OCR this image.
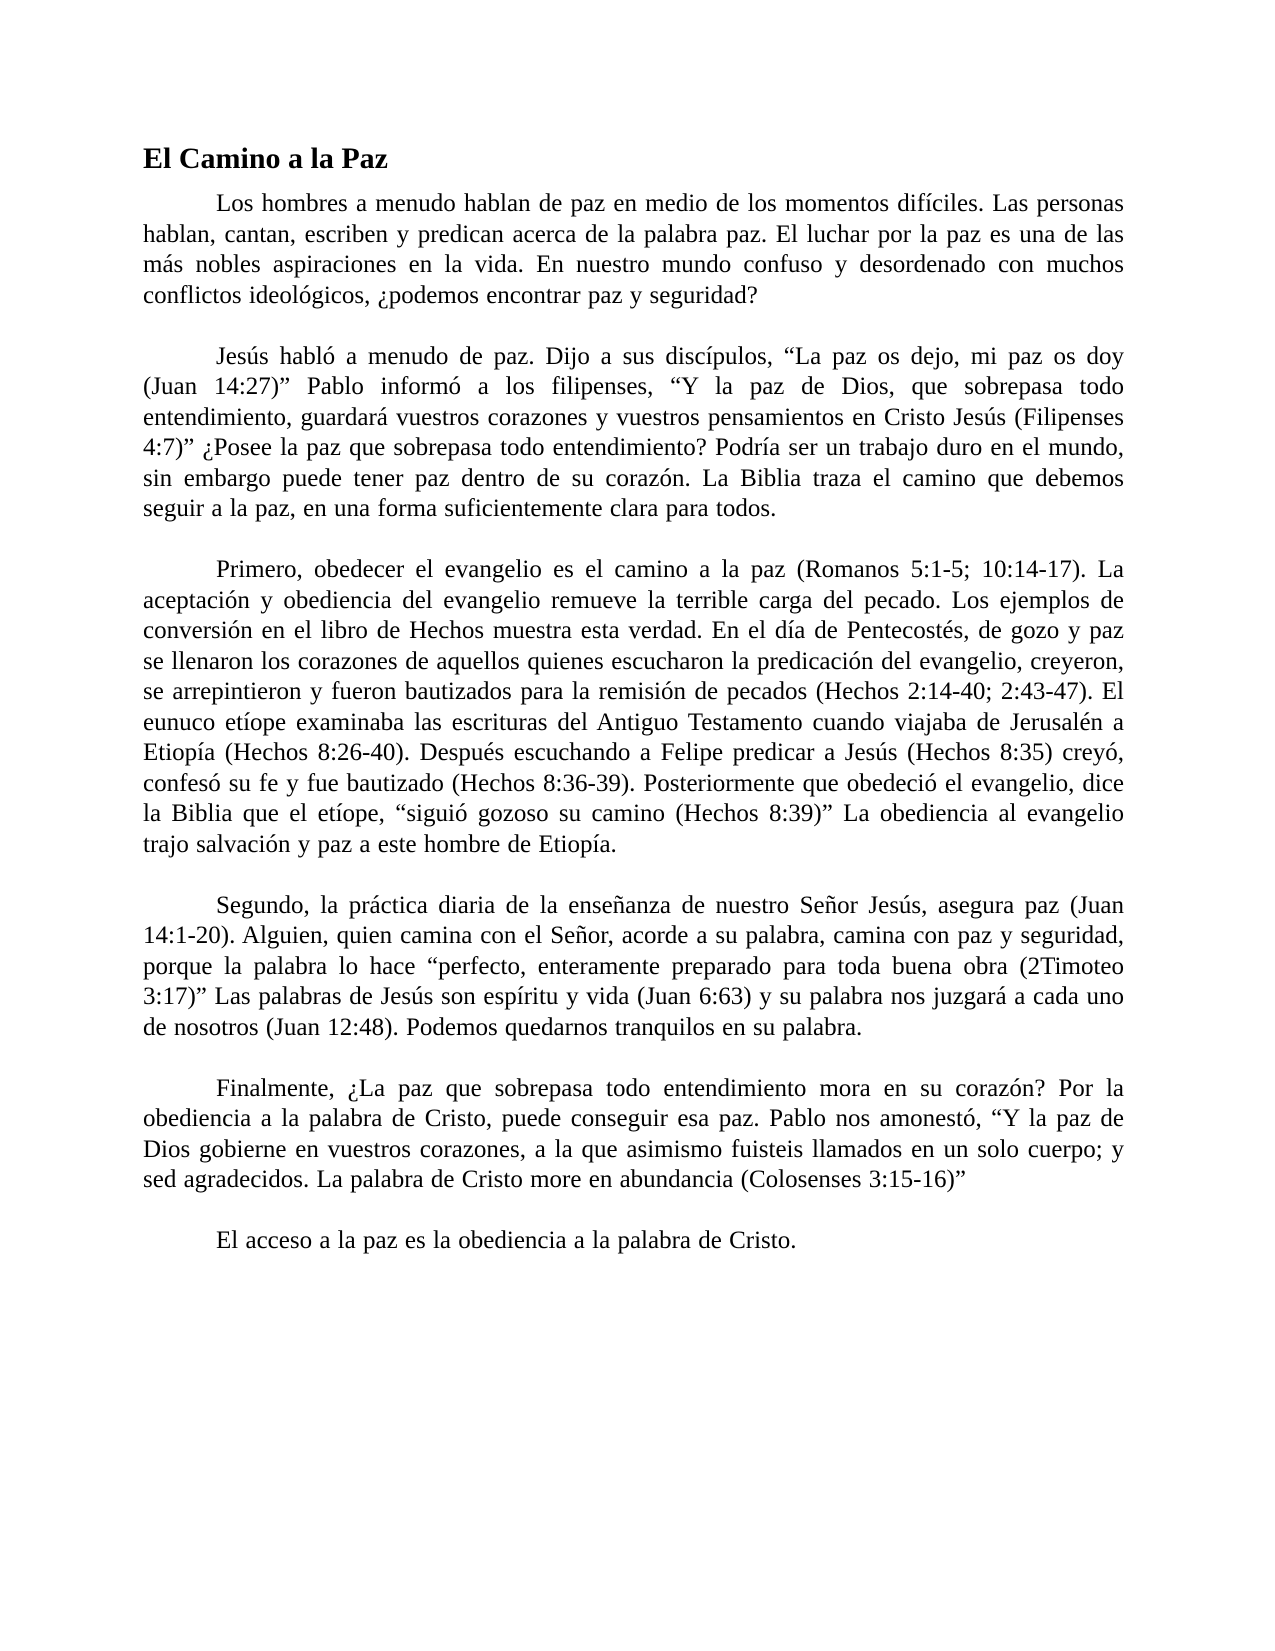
El Camino a la Paz

Los hombres a menudo hablan de paz en medio de los momentos difíciles. Las personas hablan, cantan, escriben y predican acerca de la palabra paz. El luchar por la paz es una de las más nobles aspiraciones en la vida. En nuestro mundo confuso y desordenado con muchos conflictos ideológicos, ¿podemos encontrar paz y seguridad?

Jesús habló a menudo de paz. Dijo a sus discípulos, “La paz os dejo, mi paz os doy (Juan 14:27)” Pablo informó a los filipenses, “Y la paz de Dios, que sobrepasa todo entendimiento, guardará vuestros corazones y vuestros pensamientos en Cristo Jesús (Filipenses 4:7)” ¿Posee la paz que sobrepasa todo entendimiento? Podría ser un trabajo duro en el mundo, sin embargo puede tener paz dentro de su corazón. La Biblia traza el camino que debemos seguir a la paz, en una forma suficientemente clara para todos.

Primero, obedecer el evangelio es el camino a la paz (Romanos 5:1-5; 10:14-17). La aceptación y obediencia del evangelio remueve la terrible carga del pecado. Los ejemplos de conversión en el libro de Hechos muestra esta verdad. En el día de Pentecostés, de gozo y paz se llenaron los corazones de aquellos quienes escucharon la predicación del evangelio, creyeron, se arrepintieron y fueron bautizados para la remisión de pecados (Hechos 2:14-40; 2:43-47). El eunuco etíope examinaba las escrituras del Antiguo Testamento cuando viajaba de Jerusalén a Etiopía (Hechos 8:26-40). Después escuchando a Felipe predicar a Jesús (Hechos 8:35) creyó, confesó su fe y fue bautizado (Hechos 8:36-39). Posteriormente que obedeció el evangelio, dice la Biblia que el etíope, “siguió gozoso su camino (Hechos 8:39)” La obediencia al evangelio trajo salvación y paz a este hombre de Etiopía.

Segundo, la práctica diaria de la enseñanza de nuestro Señor Jesús, asegura paz (Juan 14:1-20). Alguien, quien camina con el Señor, acorde a su palabra, camina con paz y seguridad, porque la palabra lo hace “perfecto, enteramente preparado para toda buena obra (2Timoteo 3:17)” Las palabras de Jesús son espíritu y vida (Juan 6:63) y su palabra nos juzgará a cada uno de nosotros (Juan 12:48). Podemos quedarnos tranquilos en su palabra.

Finalmente, ¿La paz que sobrepasa todo entendimiento mora en su corazón? Por la obediencia a la palabra de Cristo, puede conseguir esa paz. Pablo nos amonestó, “Y la paz de Dios gobierne en vuestros corazones, a la que asimismo fuisteis llamados en un solo cuerpo; y sed agradecidos. La palabra de Cristo more en abundancia (Colosenses 3:15-16)”

El acceso a la paz es la obediencia a la palabra de Cristo.
